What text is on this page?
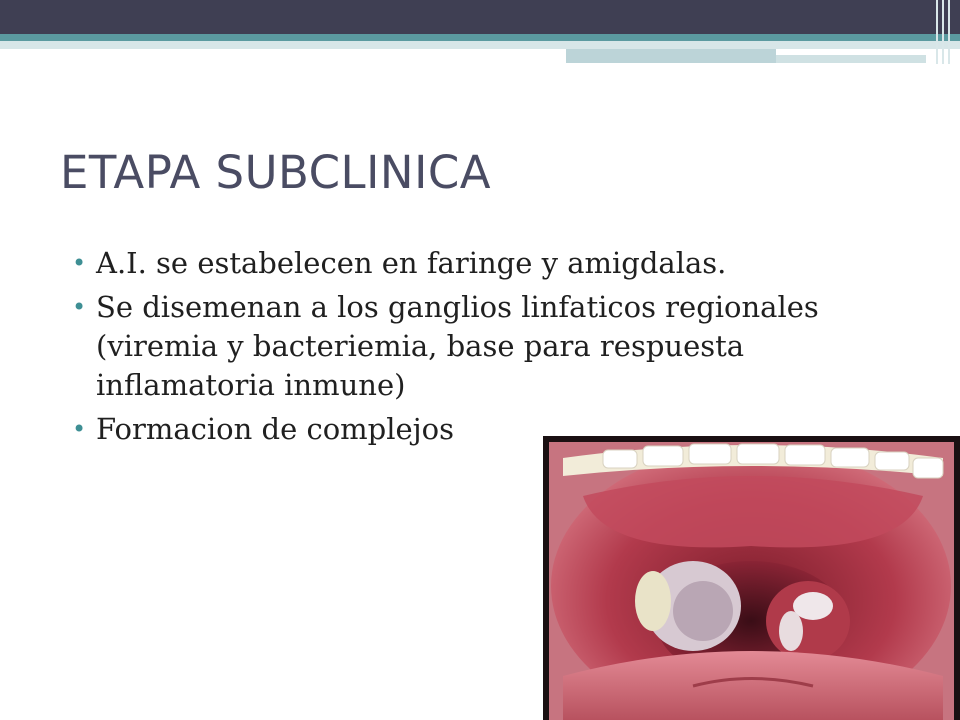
ETAPA SUBCLINICA
• A.I. se estabelecen en faringe y amigdalas.
• Se disemenan a los ganglios linfaticos regionales (viremia y bacteriemia, base para respuesta inflamatoria inmune)
• Formacion de complejos
